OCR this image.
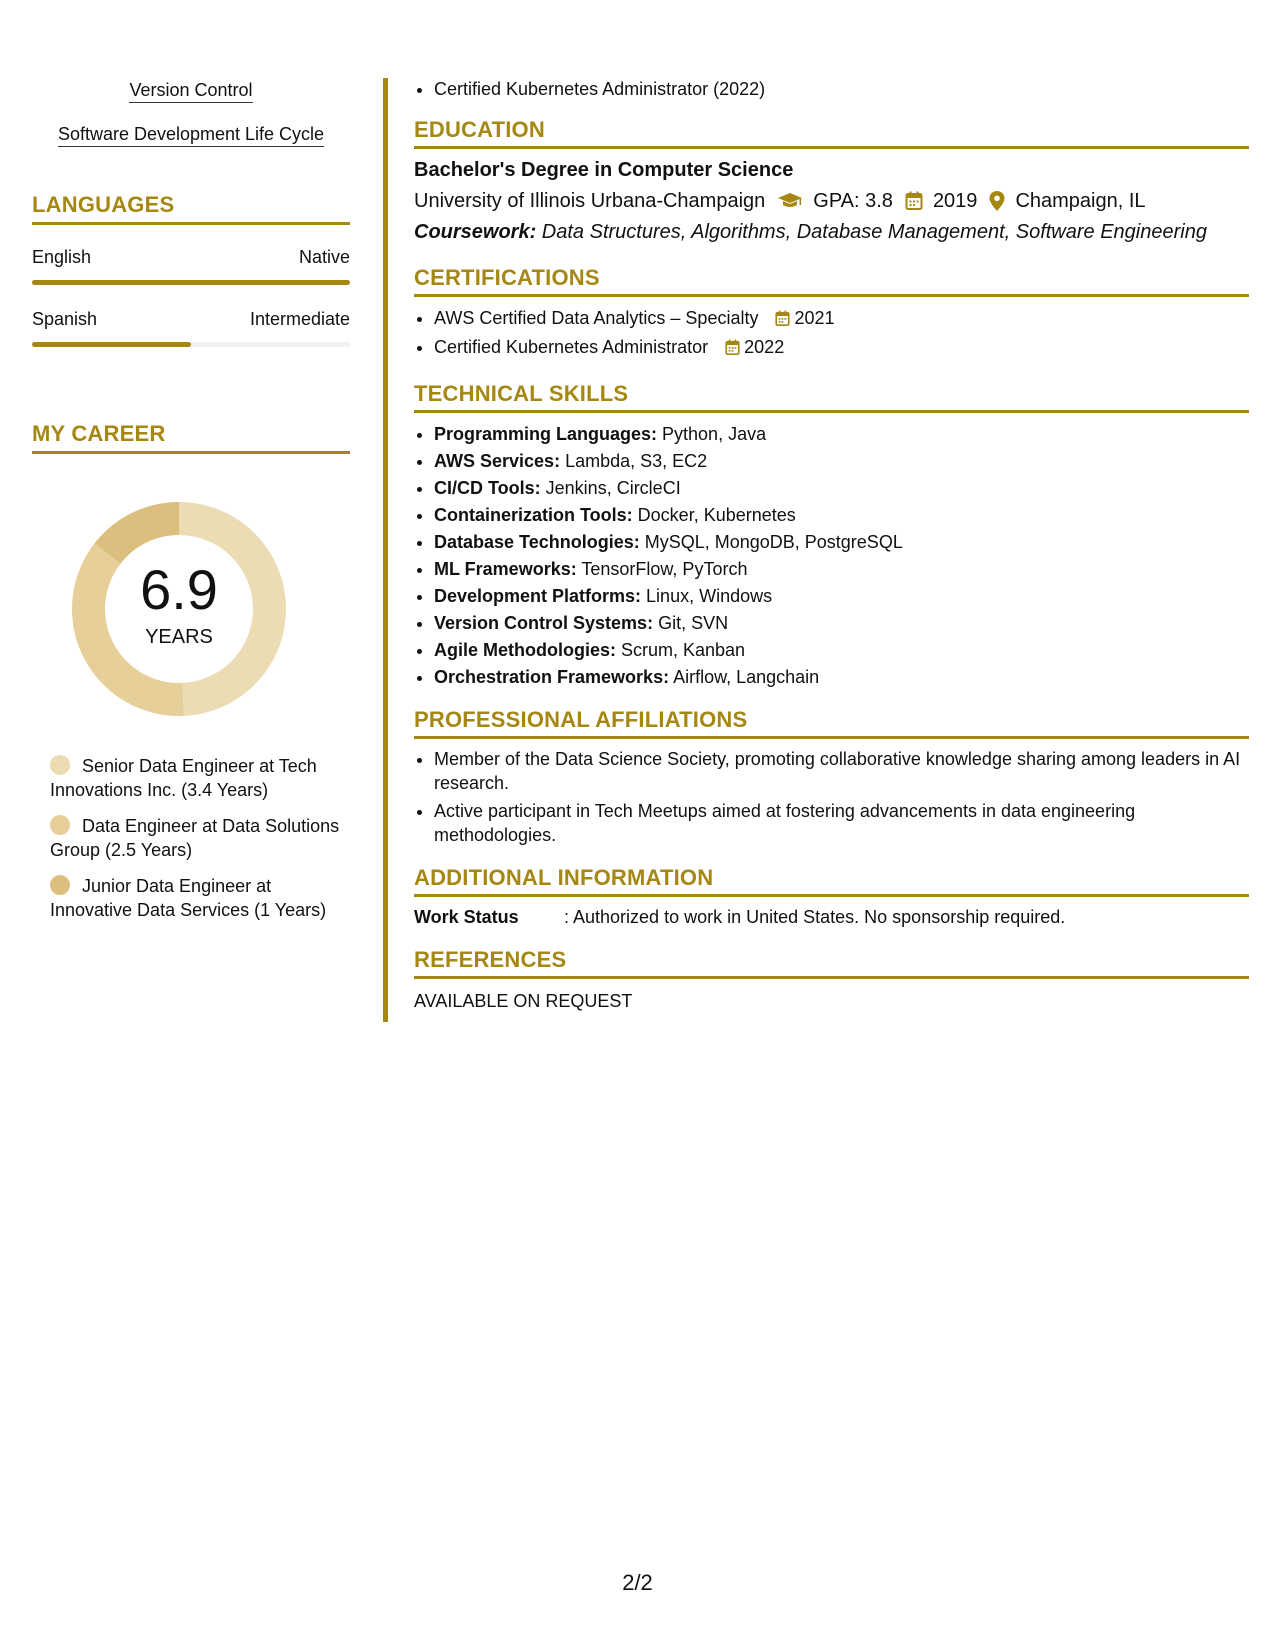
Version Control
Software Development Life Cycle
LANGUAGES
English	Native
Spanish	Intermediate
MY CAREER
6.9
YEARS
Senior Data Engineer at Tech Innovations Inc. (3.4 Years)
Data Engineer at Data Solutions Group (2.5 Years)
Junior Data Engineer at Innovative Data Services (1 Years)
• Certified Kubernetes Administrator (2022)
EDUCATION
Bachelor's Degree in Computer Science
University of Illinois Urbana-Champaign GPA: 3.8 2019 Champaign, IL
Coursework: Data Structures, Algorithms, Database Management, Software Engineering
CERTIFICATIONS
• AWS Certified Data Analytics – Specialty 2021
• Certified Kubernetes Administrator 2022
TECHNICAL SKILLS
• Programming Languages: Python, Java
• AWS Services: Lambda, S3, EC2
• CI/CD Tools: Jenkins, CircleCI
• Containerization Tools: Docker, Kubernetes
• Database Technologies: MySQL, MongoDB, PostgreSQL
• ML Frameworks: TensorFlow, PyTorch
• Development Platforms: Linux, Windows
• Version Control Systems: Git, SVN
• Agile Methodologies: Scrum, Kanban
• Orchestration Frameworks: Airflow, Langchain
PROFESSIONAL AFFILIATIONS
• Member of the Data Science Society, promoting collaborative knowledge sharing among leaders in AI research.
• Active participant in Tech Meetups aimed at fostering advancements in data engineering methodologies.
ADDITIONAL INFORMATION
Work Status	: Authorized to work in United States. No sponsorship required.
REFERENCES
AVAILABLE ON REQUEST
2/2
